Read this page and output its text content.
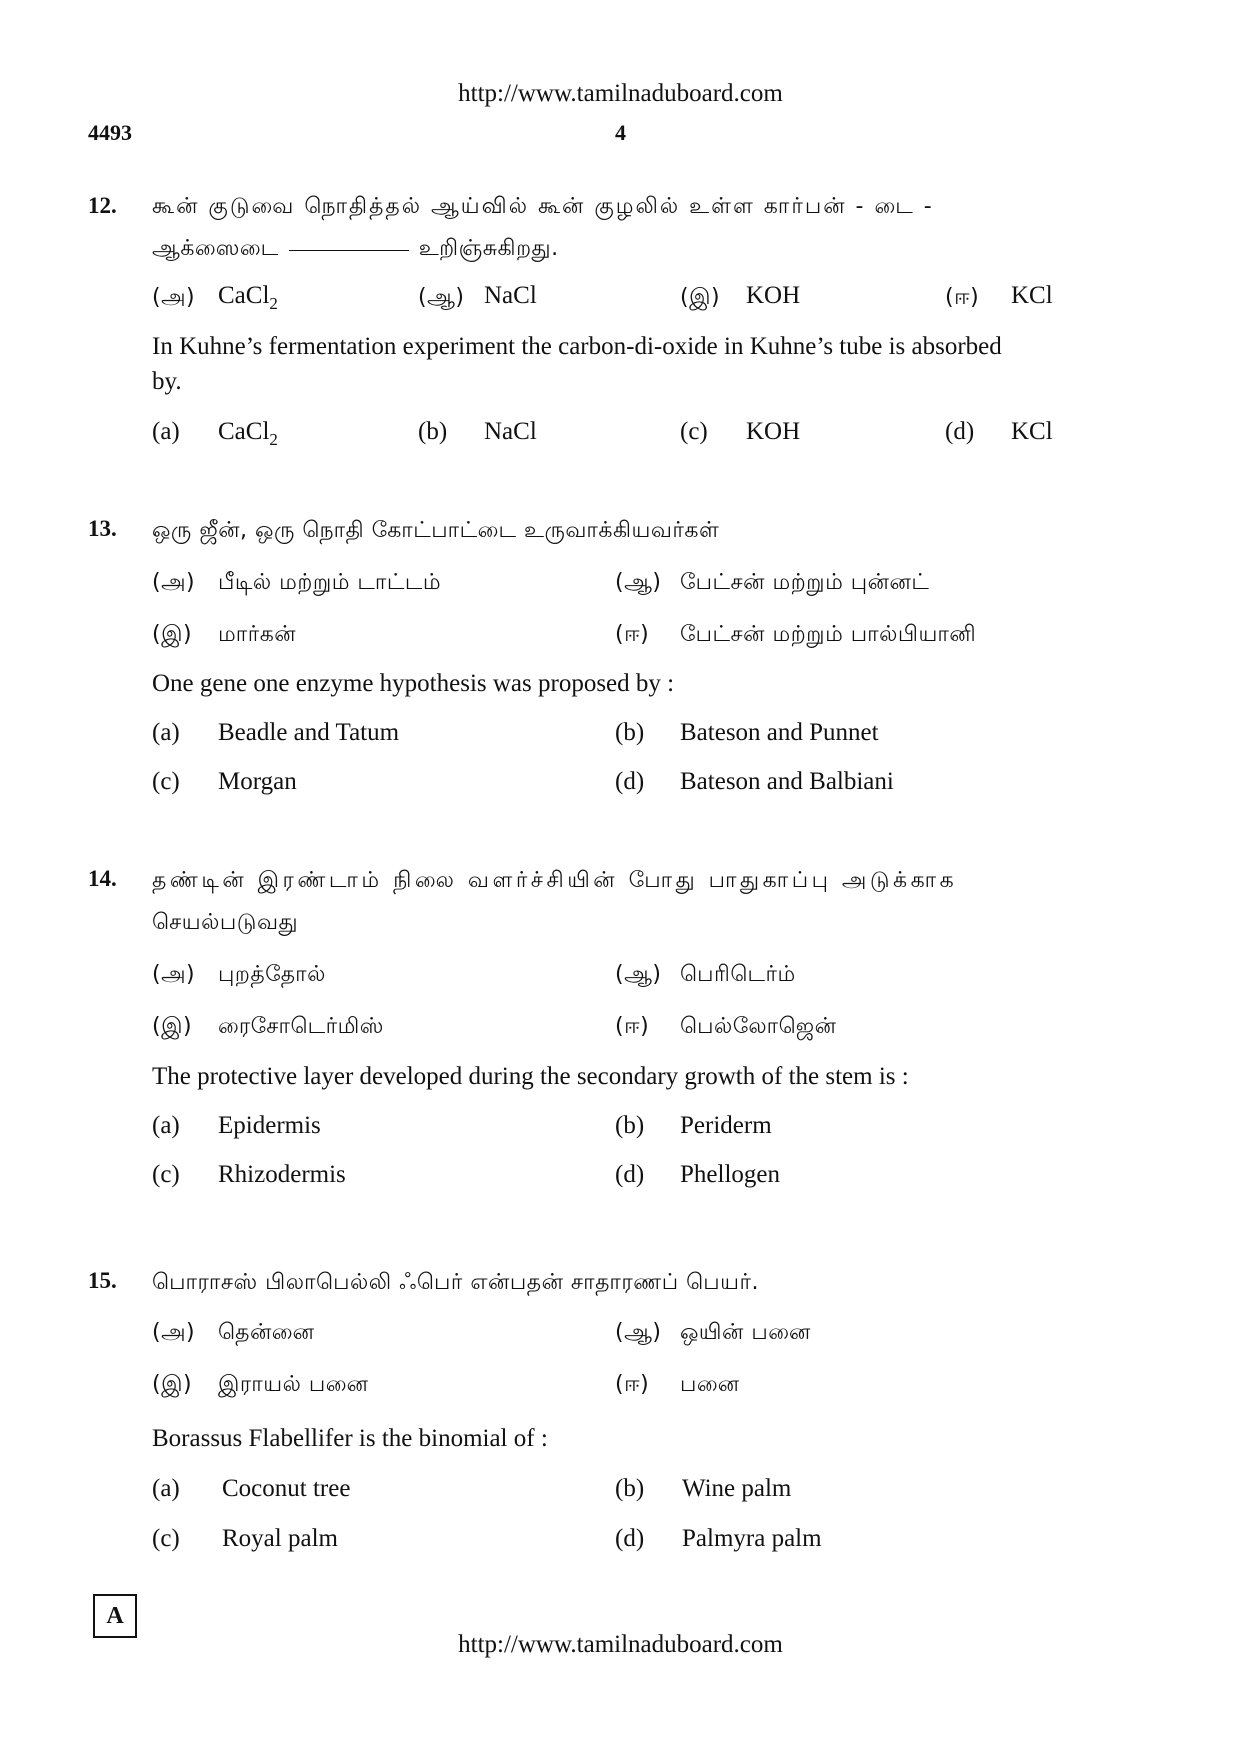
http://www.tamilnaduboard.com
4493	4
12. கூன் குடுவை நொதித்தல் ஆய்வில் கூன் குழலில் உள்ள கார்பன் - டை -
ஆக்ஸைடை	உறிஞ்சுகிறது.
(அ) CaCl$_2$	(ஆ) NaCl	(இ) KOH	(ஈ) KCl
In Kuhne’s fermentation experiment the carbon-di-oxide in Kuhne’s tube is absorbed
by.
(a) CaCl$_2$	(b) NaCl	(c) KOH	(d) KCl
13. ஒரு ஜீன், ஒரு நொதி கோட்பாட்டை உருவாக்கியவர்கள்
(அ) பீடில் மற்றும் டாட்டம்	(ஆ) பேட்சன் மற்றும் புன்னட்
(இ) மார்கன்	(ஈ) பேட்சன் மற்றும் பால்பியானி
One gene one enzyme hypothesis was proposed by :
(a) Beadle and Tatum	(b) Bateson and Punnet
(c) Morgan	(d) Bateson and Balbiani
14. தண்டின் இரண்டாம் நிலை வளர்ச்சியின் போது பாதுகாப்பு அடுக்காக
செயல்படுவது
(அ) புறத்தோல்	(ஆ) பெரிடெர்ம்
(இ) ரைசோடெர்மிஸ்	(ஈ) பெல்லோஜென்
The protective layer developed during the secondary growth of the stem is :
(a) Epidermis	(b) Periderm
(c) Rhizodermis	(d) Phellogen
15. பொராசஸ் பிலாபெல்லி ஃபெர் என்பதன் சாதாரணப் பெயர்.
(அ) தென்னை	(ஆ) ஒயின் பனை
(இ) இராயல் பனை	(ஈ) பனை
Borassus Flabellifer is the binomial of :
(a) Coconut tree	(b) Wine palm
(c) Royal palm	(d) Palmyra palm
A
http://www.tamilnaduboard.com
